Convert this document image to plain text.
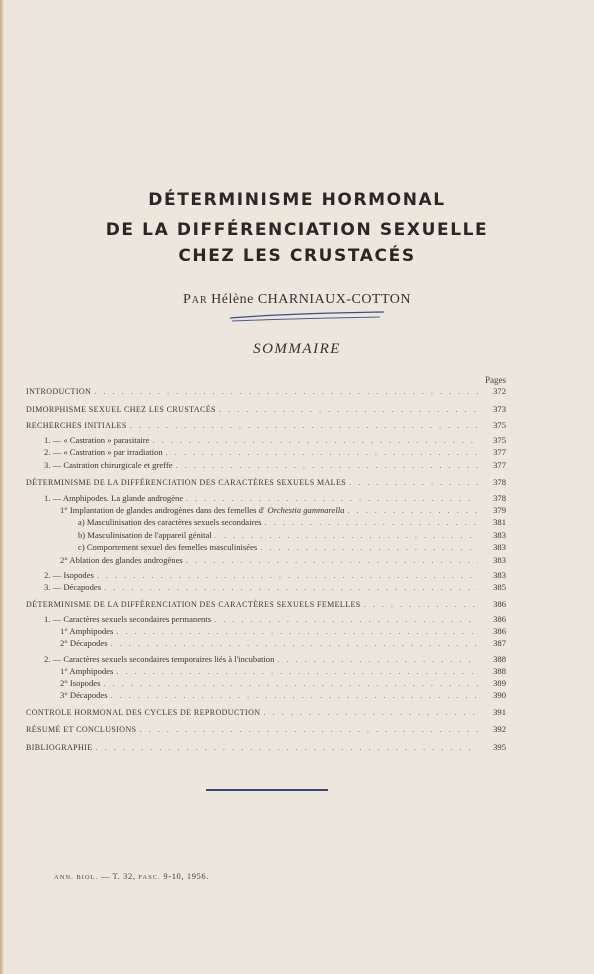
DÉTERMINISME HORMONAL
DE LA DIFFÉRENCIATION SEXUELLE
CHEZ LES CRUSTACÉS
Par Hélène CHARNIAUX-COTTON
SOMMAIRE
Pages
INTRODUCTION . . .	372
DIMORPHISME SEXUEL CHEZ LES CRUSTACÉS . . .	373
RECHERCHES INITIALES . . .	375
1. — « Castration » parasitaire . . .	375
2. — « Castration » par irradiation . . .	377
3. — Castration chirurgicale et greffe . . .	377
DÉTERMINISME DE LA DIFFÉRENCIATION DES CARACTÈRES SEXUELS MALES . . .	378
1. — Amphipodes. La glande androgène . . .	378
1° Implantation de glandes androgènes dans des femelles d' Orchestia gammarella . . .	379
a) Masculinisation des caractères sexuels secondaires . . .	381
b) Masculinisation de l'appareil génital . . .	383
c) Comportement sexuel des femelles masculinisées . . .	383
2° Ablation des glandes androgènes . . .	383
2. — Isopodes . . .	383
3. — Décapodes . . .	385
DÉTERMINISME DE LA DIFFÉRENCIATION DES CARACTÈRES SEXUELS FEMELLES . . .	386
1. — Caractères sexuels secondaires permanents . . .	386
1° Amphipodes . . .	386
2° Décapodes . . .	387
2. — Caractères sexuels secondaires temporaires liés à l'incubation . . .	388
1° Amphipodes . . .	388
2° Isopodes . . .	389
3° Décapodes . . .	390
CONTROLE HORMONAL DES CYCLES DE REPRODUCTION . . .	391
RÉSUMÉ ET CONCLUSIONS . . .	392
BIBLIOGRAPHIE . . .	395
ANN. BIOL. — T. 32, FASC. 9-10, 1956.
